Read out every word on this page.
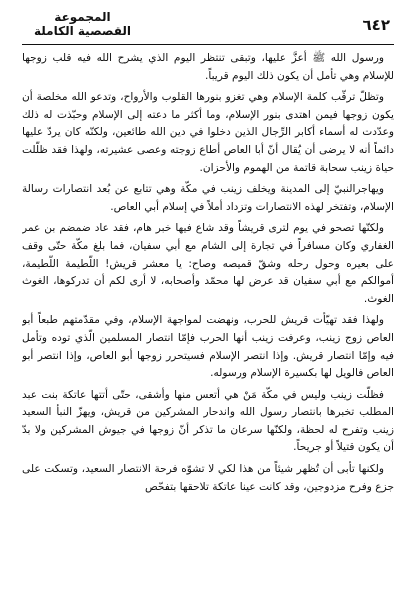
٦٤٢
المجموعة
القصصية الكاملة

ورسول الله ﷺ أعزَّ عليها، وتبقى تنتظر اليوم الذي يشرح الله فيه قلب زوجها للإسلام وهي تأمل أن يكون ذلك اليوم قريباً.

وتظلّ ترقّب كلمة الإسلام وهي تغزو بنورها القلوب والأرواح، وتدعو الله مخلصة أن يكون زوجها فيمن اهتدى بنور الإسلام، وما أكثر ما دعته إلى الإسلام وحبّذت له ذلك وعدّدت له أسماء أكابر الرِّجال الذين دخلوا في دين الله طائعين، ولكنّه كان يردّ عليها دائماً أنه لا يرضى أن يُقال أنّ أبا العاص أطاع زوجته وعصى عشيرته، ولهذا فقد ظلّلت حياة زينب سحابة قاتمة من الهموم والأحزان.

ويهاجرالنبيّ إلى المدينة ويخلف زينب في مكّة وهي تتابع عن بُعد انتصارات رسالة الإسلام، وتفتخر لهذه الانتصارات وتزداد أملاً في إسلام أبي العاص.

ولكنّها تصحو في يوم لترى قريشاً وقد شاع فيها خبر هام، فقد عاد ضمضم بن عمر الغفاري وكان مسافراً في تجارة إلى الشام مع أبي سفيان، فما بلغ مكّة حتّى وقف على بعيره وحول رحله وشقّ قميصه وصاح: يا معشر قريش! اللّطيمة اللّطيمة، أموالكم مع أبي سفيان قد عرض لها محمّد وأصحابه، لا أرى لكم أن تدركوها، الغوث الغوث.

ولهذا فقد تهيّأت قريش للحرب، ونهضت لمواجهة الإسلام، وفي مقدّمتهم طبعاً أبو العاص زوج زينب، وعرفت زينب أنها الحرب فإمّا انتصار المسلمين الّذي توده وتأمل فيه وإمّا انتصار قريش. وإذا انتصر الإسلام فسيتحرر زوجها أبو العاص، وإذا انتصر أبو العاص فالويل لها بكسيرة الإسلام ورسوله.

فظلّت زينب وليس في مكّة مَنْ هي أتعس منها وأشقى، حتّى أتتها عاتكة بنت عبد المطلب تخبرها بانتصار رسول الله واندحار المشركين من قريش، ويهزّ النبأ السعيد زينب وتفرح له لحظة، ولكنّها سرعان ما تذكر أنّ زوجها في جيوش المشركين ولا بدّ أن يكون قتيلاً أو جريحاً.

ولكنها تأبى أن تُظهر شيئاً من هذا لكي لا تشوّه فرحة الانتصار السعيد، وتسكت على جزع وفرح مزدوجين، وقد كانت عينا عاتكة تلاحقها بتفحّص
